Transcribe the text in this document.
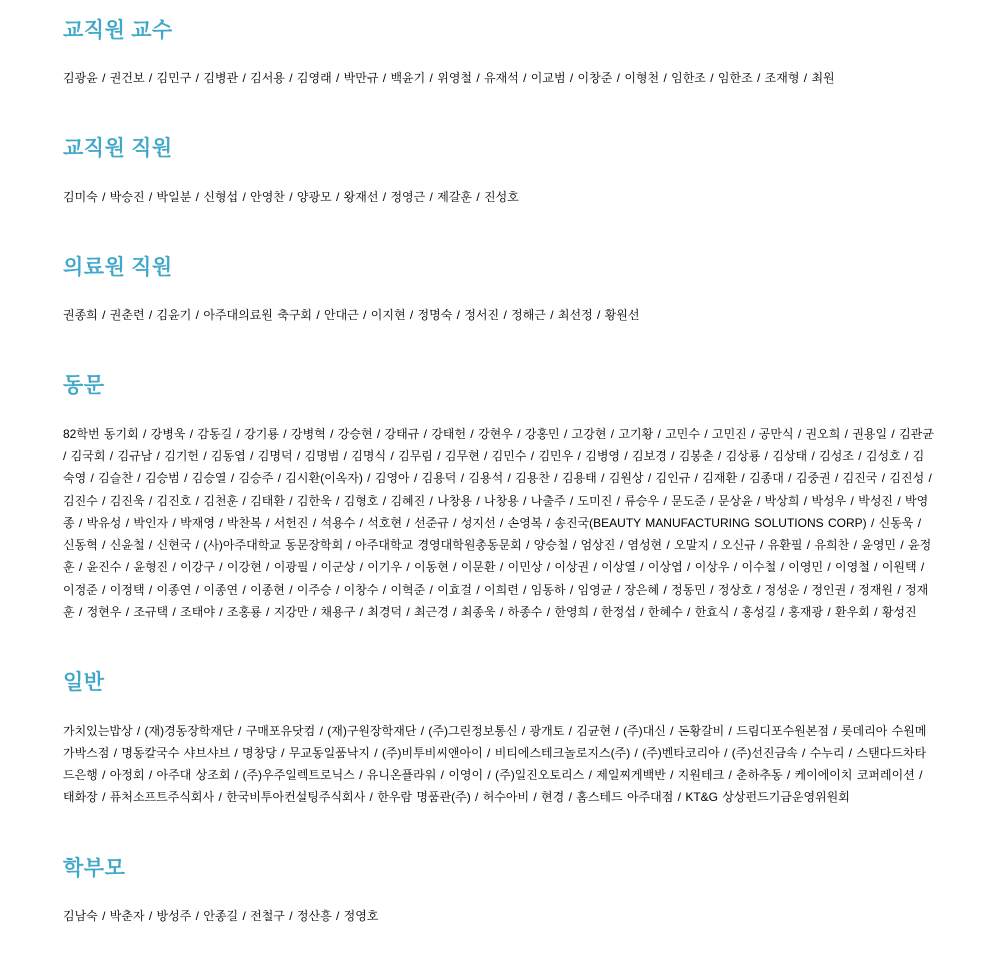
교직원 교수

김광윤 / 권건보 / 김민구 / 김병관 / 김서용 / 김영래 / 박만규 / 백윤기 / 위영철 / 유재석 / 이교범 / 이창준 / 이형천 / 임한조 / 임한조 / 조재형 / 최원

교직원 직원

김미숙 / 박승진 / 박일분 / 신형섭 / 안영찬 / 양광모 / 왕재선 / 정영근 / 제갈훈 / 진성호

의료원 직원

권종희 / 권춘련 / 김윤기 / 아주대의료원 축구회 / 안대근 / 이지현 / 정명숙 / 정서진 / 정해근 / 최선정 / 황원선

동문

82학번 동기회 / 강병욱 / 감동길 / 강기룡 / 강병혁 / 강승현 / 강태규 / 강태헌 / 강현우 / 강홍민 / 고강현 / 고기황 / 고민수 / 고민진 / 공만식 / 권오희 / 권용일 / 김관균 / 김국회 / 김규남 / 김기헌 / 김동엽 / 김명덕 / 김명범 / 김명식 / 김무림 / 김무현 / 김민수 / 김민우 / 김병영 / 김보경 / 김봉춘 / 김상룡 / 김상태 / 김성조 / 김성호 / 김숙영 / 김슬찬 / 김승범 / 김승열 / 김승주 / 김시환(이옥자) / 김영아 / 김용덕 / 김용석 / 김용찬 / 김용태 / 김원상 / 김인규 / 김재환 / 김종대 / 김중권 / 김진국 / 김진성 / 김진수 / 김진욱 / 김진호 / 김천훈 / 김태환 / 김한욱 / 김형호 / 김혜진 / 나창용 / 나창용 / 나출주 / 도미진 / 류승우 / 문도준 / 문상윤 / 박상희 / 박성우 / 박성진 / 박영종 / 박유성 / 박인자 / 박재영 / 박찬복 / 서헌진 / 석용수 / 석호현 / 선준규 / 성지선 / 손영복 / 송진국(BEAUTY MANUFACTURING SOLUTIONS CORP) / 신동욱 / 신동혁 / 신윤철 / 신현국 / (사)아주대학교 동문장학회 / 아주대학교 경영대학원총동문회 / 양승철 / 엄상진 / 염성현 / 오말지 / 오신규 / 유환필 / 유희찬 / 윤영민 / 윤정훈 / 윤진수 / 윤형진 / 이강구 / 이강현 / 이광필 / 이군상 / 이기우 / 이동현 / 이문환 / 이민상 / 이상권 / 이상열 / 이상엽 / 이상우 / 이수철 / 이영민 / 이영철 / 이원택 / 이정준 / 이정택 / 이종연 / 이종연 / 이종현 / 이주승 / 이창수 / 이혁준 / 이효걸 / 이희련 / 임동하 / 임영균 / 장은혜 / 정동민 / 정상호 / 정성운 / 정인권 / 정재원 / 정재훈 / 정현우 / 조규택 / 조태야 / 조홍룡 / 지강만 / 채용구 / 최경덕 / 최근경 / 최종욱 / 하종수 / 한영희 / 한정섭 / 한혜수 / 한효식 / 홍성길 / 홍재광 / 환우회 / 황성진

일반

가치있는밥상 / (재)경동장학재단 / 구매포유닷컴 / (재)구원장학재단 / (주)그린정보통신 / 광개토 / 김균현 / (주)대신 / 돈황갈비 / 드림디포수원본점 / 롯데리아 수원메가박스점 / 명동칼국수 샤브샤브 / 명창당 / 무교동일품낙지 / (주)비투비씨앤아이 / 비티에스테크놀로지스(주) / (주)벤타코리아 / (주)선진금속 / 수누리 / 스탠다드차타드은행 / 아정회 / 아주대 상조회 / (주)우주일렉트로닉스 / 유니온플라워 / 이영이 / (주)일진오토리스 / 제일찌게백반 / 지원테크 / 춘하추동 / 케이에이치 코퍼레이션 / 태화장 / 퓨처소프트주식회사 / 한국비투아컨설팅주식회사 / 한우람 명품관(주) / 허수아비 / 현경 / 홈스테드 아주대점 / KT&G 상상펀드기금운영위원회

학부모

김남숙 / 박춘자 / 방성주 / 안종길 / 전철구 / 정산흥 / 정영호
